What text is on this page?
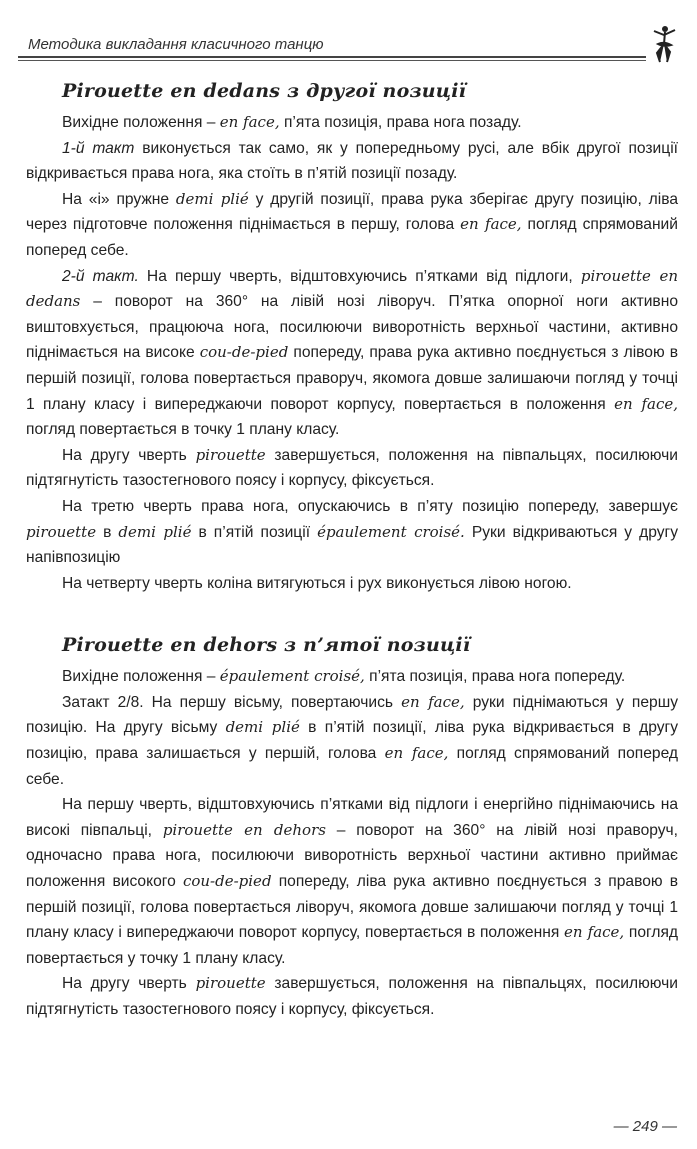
Методика викладання класичного танцю
Pirouette en dedans з другої позиції

Вихідне положення – en face, п’ята позиція, права нога позаду.

1-й такт виконується так само, як у попередньому русі, але вбік другої позиції відкривається права нога, яка стоїть в п’ятій позиції позаду.

На «і» пружне demi plié у другій позиції, права рука зберігає другу позицію, ліва через підготовче положення піднімається в першу, голова en face, погляд спрямований поперед себе.

2-й такт. На першу чверть, відштовхуючись п’ятками від підлоги, pirouette en dedans – поворот на 360° на лівій нозі ліворуч. П’ятка опорної ноги активно виштовхується, працююча нога, посилюючи виворотність верхньої частини, активно піднімається на високе cou-de-pied попереду, права рука активно поєднується з лівою в першій позиції, голова повертається праворуч, якомога довше залишаючи погляд у точці 1 плану класу і випереджаючи поворот корпусу, повертається в положення en face, погляд повертається в точку 1 плану класу.

На другу чверть pirouette завершується, положення на півпальцях, посилюючи підтягнутість тазостегнового поясу і корпусу, фіксується.

На третю чверть права нога, опускаючись в п’яту позицію попереду, завершує pirouette в demi plié в п’ятій позиції épaulement croisé. Руки відкриваються у другу напівпозицію

На четверту чверть коліна витягуються і рух виконується лівою ногою.

Pirouette en dehors з п’ятої позиції

Вихідне положення – épaulement croisé, п’ята позиція, права нога попереду.

Затакт 2/8. На першу вісьму, повертаючись en face, руки піднімаються у першу позицію. На другу вісьму demi plié в п’ятій позиції, ліва рука відкривається в другу позицію, права залишається у першій, голова en face, погляд спрямований поперед себе.

На першу чверть, відштовхуючись п’ятками від підлоги і енергійно піднімаючись на високі півпальці, pirouette en dehors – поворот на 360° на лівій нозі праворуч, одночасно права нога, посилюючи виворотність верхньої частини активно приймає положення високого cou-de-pied попереду, ліва рука активно поєднується з правою в першій позиції, голова повертається ліворуч, якомога довше залишаючи погляд у точці 1 плану класу і випереджаючи поворот корпусу, повертається в положення en face, погляд повертається у точку 1 плану класу.

На другу чверть pirouette завершується, положення на півпальцях, посилюючи підтягнутість тазостегнового поясу і корпусу, фіксується.

— 249 —
